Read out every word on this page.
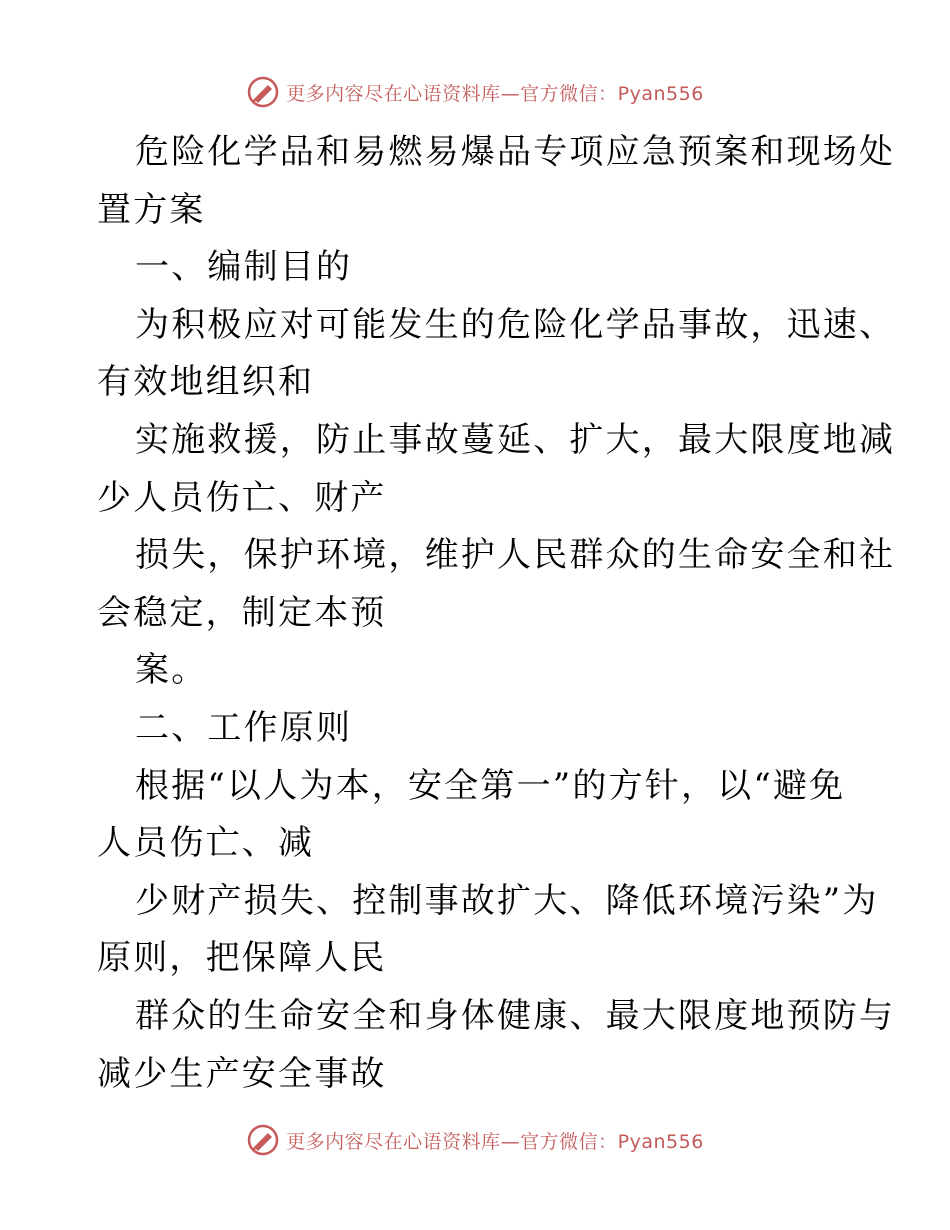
更多内容尽在心语资料库—官方微信：Pyan556
危险化学品和易燃易爆品专项应急预案和现场处
置方案
一、编制目的
为积极应对可能发生的危险化学品事故，迅速、
有效地组织和
实施救援，防止事故蔓延、扩大，最大限度地减
少人员伤亡、财产
损失，保护环境，维护人民群众的生命安全和社
会稳定，制定本预
案。
二、工作原则
根据“以人为本，安全第一”的方针，以“避免
人员伤亡、减
少财产损失、控制事故扩大、降低环境污染”为
原则，把保障人民
群众的生命安全和身体健康、最大限度地预防与
减少生产安全事故
更多内容尽在心语资料库—官方微信：Pyan556
